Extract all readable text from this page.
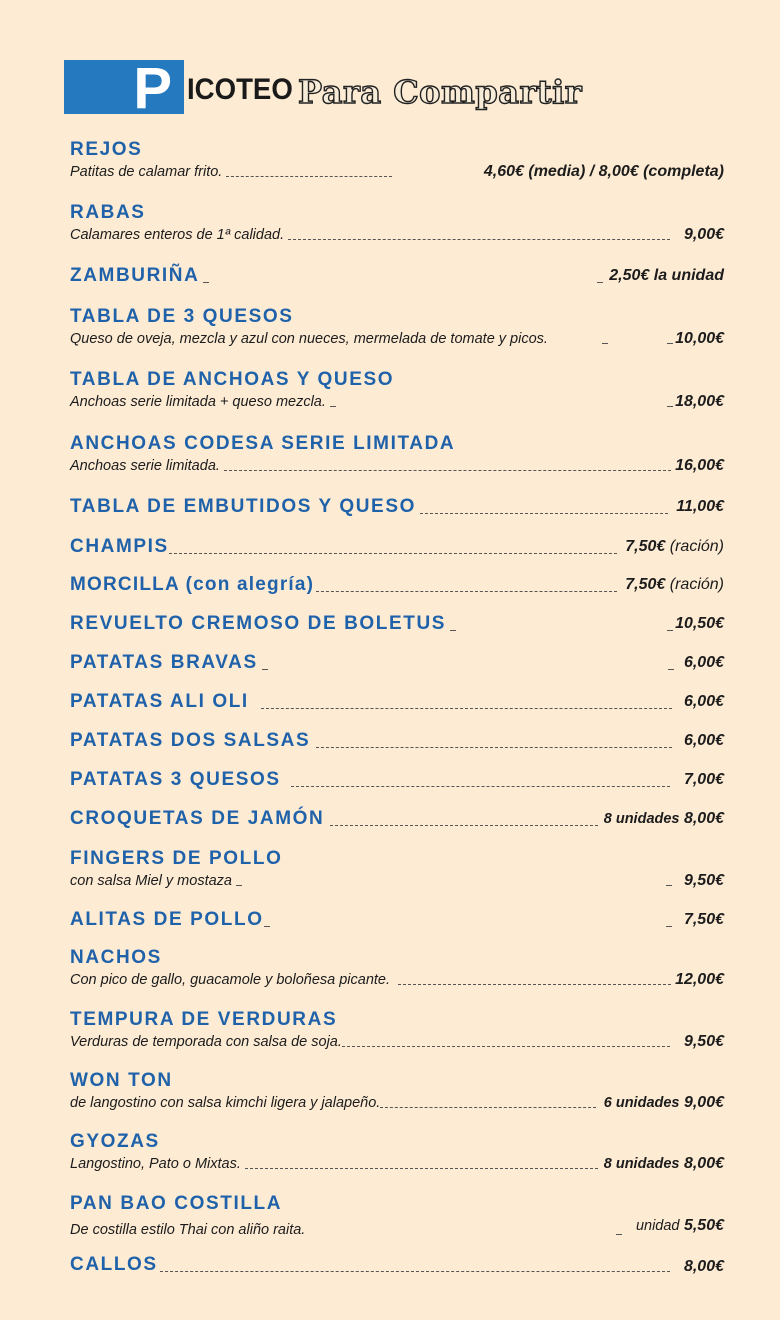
P ICOTEO Para Compartir
REJOS
Patitas de calamar frito.	4,60€ (media) / 8,00€ (completa)
RABAS
Calamares enteros de 1ª calidad.	9,00€
ZAMBURIÑA	2,50€ la unidad
TABLA DE 3 QUESOS
Queso de oveja, mezcla y azul con nueces, mermelada de tomate y picos.	10,00€
TABLA DE ANCHOAS Y QUESO
Anchoas serie limitada + queso mezcla.	18,00€
ANCHOAS CODESA SERIE LIMITADA
Anchoas serie limitada.	16,00€
TABLA DE EMBUTIDOS Y QUESO	11,00€
CHAMPIS	7,50€ (ración)
MORCILLA (con alegría)	7,50€ (ración)
REVUELTO CREMOSO DE BOLETUS	10,50€
PATATAS BRAVAS	6,00€
PATATAS ALI OLI	6,00€
PATATAS DOS SALSAS	6,00€
PATATAS 3 QUESOS	7,00€
CROQUETAS DE JAMÓN	8 unidades 8,00€
FINGERS DE POLLO
con salsa Miel y mostaza	9,50€
ALITAS DE POLLO	7,50€
NACHOS
Con pico de gallo, guacamole y boloñesa picante.	12,00€
TEMPURA DE VERDURAS
Verduras de temporada con salsa de soja.	9,50€
WON TON
de langostino con salsa kimchi ligera y jalapeño.	6 unidades 9,00€
GYOZAS
Langostino, Pato o Mixtas.	8 unidades 8,00€
PAN BAO COSTILLA
De costilla estilo Thai con aliño raita.	unidad 5,50€
CALLOS	8,00€
